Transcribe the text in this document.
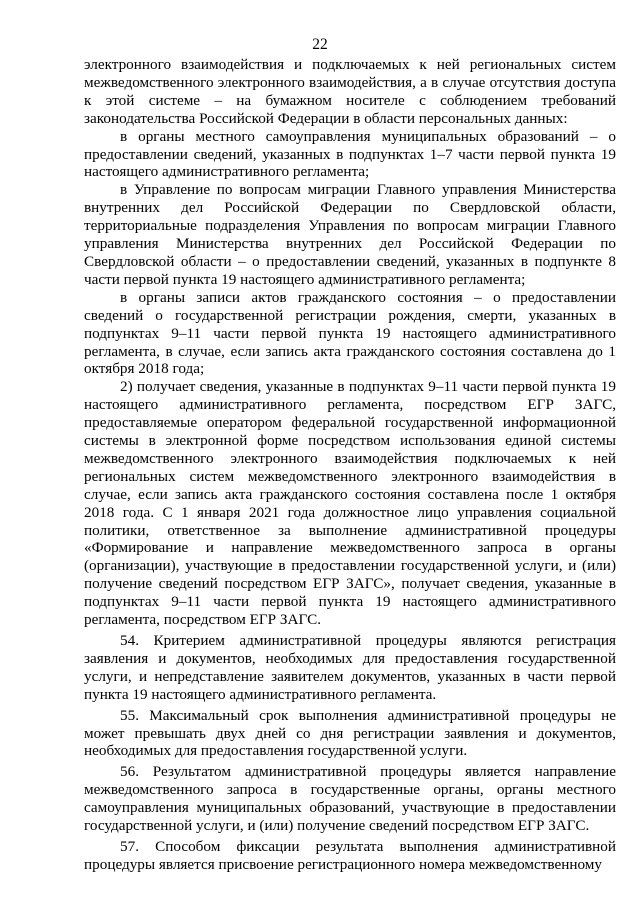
22

электронного взаимодействия и подключаемых к ней региональных систем межведомственного электронного взаимодействия, а в случае отсутствия доступа к этой системе – на бумажном носителе с соблюдением требований законодательства Российской Федерации в области персональных данных:

в органы местного самоуправления муниципальных образований – о предоставлении сведений, указанных в подпунктах 1–7 части первой пункта 19 настоящего административного регламента;

в Управление по вопросам миграции Главного управления Министерства внутренних дел Российской Федерации по Свердловской области, территориальные подразделения Управления по вопросам миграции Главного управления Министерства внутренних дел Российской Федерации по Свердловской области – о предоставлении сведений, указанных в подпункте 8 части первой пункта 19 настоящего административного регламента;

в органы записи актов гражданского состояния – о предоставлении сведений о государственной регистрации рождения, смерти, указанных в подпунктах 9–11 части первой пункта 19 настоящего административного регламента, в случае, если запись акта гражданского состояния составлена до 1 октября 2018 года;

2) получает сведения, указанные в подпунктах 9–11 части первой пункта 19 настоящего административного регламента, посредством ЕГР ЗАГС, предоставляемые оператором федеральной государственной информационной системы в электронной форме посредством использования единой системы межведомственного электронного взаимодействия подключаемых к ней региональных систем межведомственного электронного взаимодействия в случае, если запись акта гражданского состояния составлена после 1 октября 2018 года. С 1 января 2021 года должностное лицо управления социальной политики, ответственное за выполнение административной процедуры «Формирование и направление межведомственного запроса в органы (организации), участвующие в предоставлении государственной услуги, и (или) получение сведений посредством ЕГР ЗАГС», получает сведения, указанные в подпунктах 9–11 части первой пункта 19 настоящего административного регламента, посредством ЕГР ЗАГС.

54. Критерием административной процедуры являются регистрация заявления и документов, необходимых для предоставления государственной услуги, и непредставление заявителем документов, указанных в части первой пункта 19 настоящего административного регламента.

55. Максимальный срок выполнения административной процедуры не может превышать двух дней со дня регистрации заявления и документов, необходимых для предоставления государственной услуги.

56. Результатом административной процедуры является направление межведомственного запроса в государственные органы, органы местного самоуправления муниципальных образований, участвующие в предоставлении государственной услуги, и (или) получение сведений посредством ЕГР ЗАГС.

57. Способом фиксации результата выполнения административной процедуры является присвоение регистрационного номера межведомственному
